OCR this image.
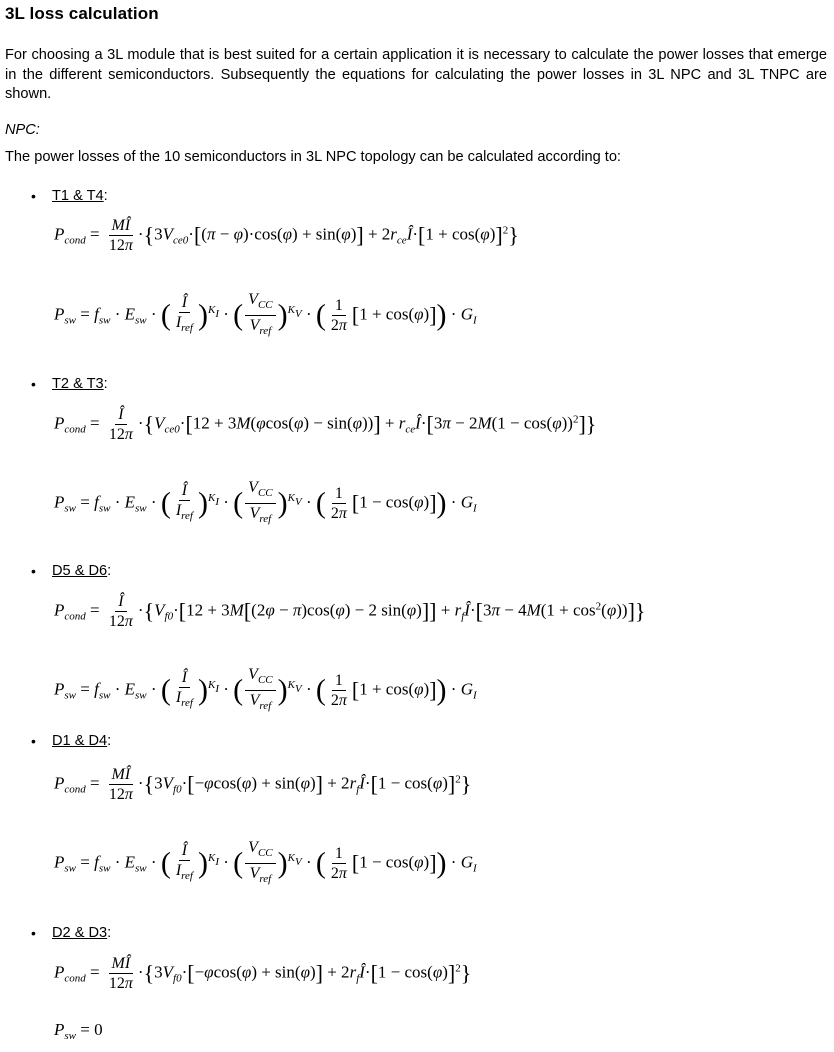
3L loss calculation
For choosing a 3L module that is best suited for a certain application it is necessary to calculate the power losses that emerge in the different semiconductors. Subsequently the equations for calculating the power losses in 3L NPC and 3L TNPC are shown.
NPC:
The power losses of the 10 semiconductors in 3L NPC topology can be calculated according to:
• T1 & T4:
$P_{cond} = \frac{MÎ}{12\pi} \cdot\{3V_{ce0}\cdot[(\pi - \varphi)\cdot\cos(\varphi) + \sin(\varphi)]$ + $2r_{ce}Î\cdot[1 + \cos(\varphi)]^2$}
$P_{sw} = f_{sw} \cdot E_{sw}$ · ( $\frac{Î}{I_{ref}} )^{K_I}$ · ( $\frac{V_{CC}}{V_{ref}} )^{K_V}$ · ( $\frac{1}{2\pi} [1 + \cos(\varphi)]) \cdot G_I$
• T2 & T3:
$P_{cond} = \frac{Î}{12\pi} \cdot\{V_{ce0}\cdot[12 + 3M(\varphi\cos(\varphi) - \sin(\varphi))]$ + $r_{ce}Î\cdot[3\pi - 2M(1 - \cos(\varphi))^2]$}
$P_{sw} = f_{sw} \cdot E_{sw}$ · ( $\frac{Î}{I_{ref}} )^{K_I}$ · ( $\frac{V_{CC}}{V_{ref}} )^{K_V}$ · ( $\frac{1}{2\pi} [1 - \cos(\varphi)]) \cdot G_I$
• D5 & D6:
$P_{cond} = \frac{Î}{12\pi} \cdot\{V_{f0}\cdot[12 + 3M[(2\varphi - \pi)\cos(\varphi) - 2$ $\sin(\varphi)]] + r_fÎ\cdot[3\pi - 4M(1 + \cos^2(\varphi))]$}
$P_{sw} = f_{sw} \cdot E_{sw}$ · ( $\frac{Î}{I_{ref}} )^{K_I}$ · ( $\frac{V_{CC}}{V_{ref}} )^{K_V}$ · ( $\frac{1}{2\pi} [1 + \cos(\varphi)]) \cdot G_I$
• D1 & D4:
$P_{cond} = \frac{MÎ}{12\pi} \cdot\{3V_{f0}\cdot[-\varphi\cos(\varphi) + \sin(\varphi)]$ + $2r_fÎ\cdot[1 - \cos(\varphi)]^2$}
$P_{sw} = f_{sw} \cdot E_{sw}$ · ( $\frac{Î}{I_{ref}} )^{K_I}$ · ( $\frac{V_{CC}}{V_{ref}} )^{K_V}$ · ( $\frac{1}{2\pi} [1 - \cos(\varphi)]) \cdot G_I$
• D2 & D3:
$P_{cond} = \frac{MÎ}{12\pi} \cdot\{3V_{f0}\cdot[-\varphi\cos(\varphi) + \sin(\varphi)]$ + $2r_fÎ\cdot[1 - \cos(\varphi)]^2$}
$P_{sw} = 0$
